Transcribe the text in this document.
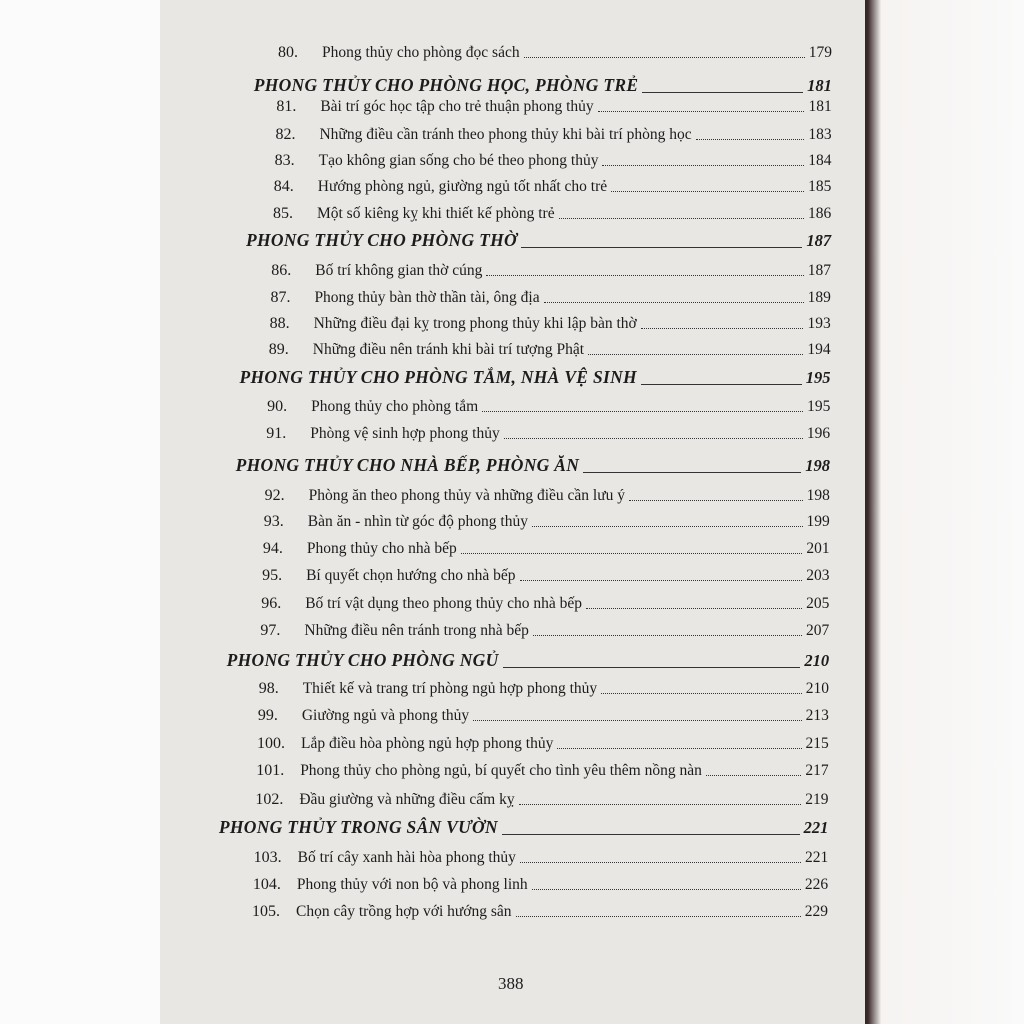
80.	Phong thủy cho phòng đọc sách	179
PHONG THỦY CHO PHÒNG HỌC, PHÒNG TRẺ	181
81.	Bài trí góc học tập cho trẻ thuận phong thủy	181
82.	Những điều cần tránh theo phong thủy khi bài trí phòng học	183
83.	Tạo không gian sống cho bé theo phong thủy	184
84.	Hướng phòng ngủ, giường ngủ tốt nhất cho trẻ	185
85.	Một số kiêng kỵ khi thiết kế phòng trẻ	186
PHONG THỦY CHO PHÒNG THỜ	187
86.	Bố trí không gian thờ cúng	187
87.	Phong thủy bàn thờ thần tài, ông địa	189
88.	Những điều đại kỵ trong phong thủy khi lập bàn thờ	193
89.	Những điều nên tránh khi bài trí tượng Phật	194
PHONG THỦY CHO PHÒNG TẮM, NHÀ VỆ SINH	195
90.	Phong thủy cho phòng tắm	195
91.	Phòng vệ sinh hợp phong thủy	196
PHONG THỦY CHO NHÀ BẾP, PHÒNG ĂN	198
92.	Phòng ăn theo phong thủy và những điều cần lưu ý	198
93.	Bàn ăn - nhìn từ góc độ phong thủy	199
94.	Phong thủy cho nhà bếp	201
95.	Bí quyết chọn hướng cho nhà bếp	203
96.	Bố trí vật dụng theo phong thủy cho nhà bếp	205
97.	Những điều nên tránh trong nhà bếp	207
PHONG THỦY CHO PHÒNG NGỦ	210
98.	Thiết kế và trang trí phòng ngủ hợp phong thủy	210
99.	Giường ngủ và phong thủy	213
100.	Lắp điều hòa phòng ngủ hợp phong thủy	215
101.	Phong thủy cho phòng ngủ, bí quyết cho tình yêu thêm nồng nàn	217
102.	Đầu giường và những điều cấm kỵ	219
PHONG THỦY TRONG SÂN VƯỜN	221
103.	Bố trí cây xanh hài hòa phong thủy	221
104.	Phong thủy với non bộ và phong linh	226
105.	Chọn cây trồng hợp với hướng sân	229
388
